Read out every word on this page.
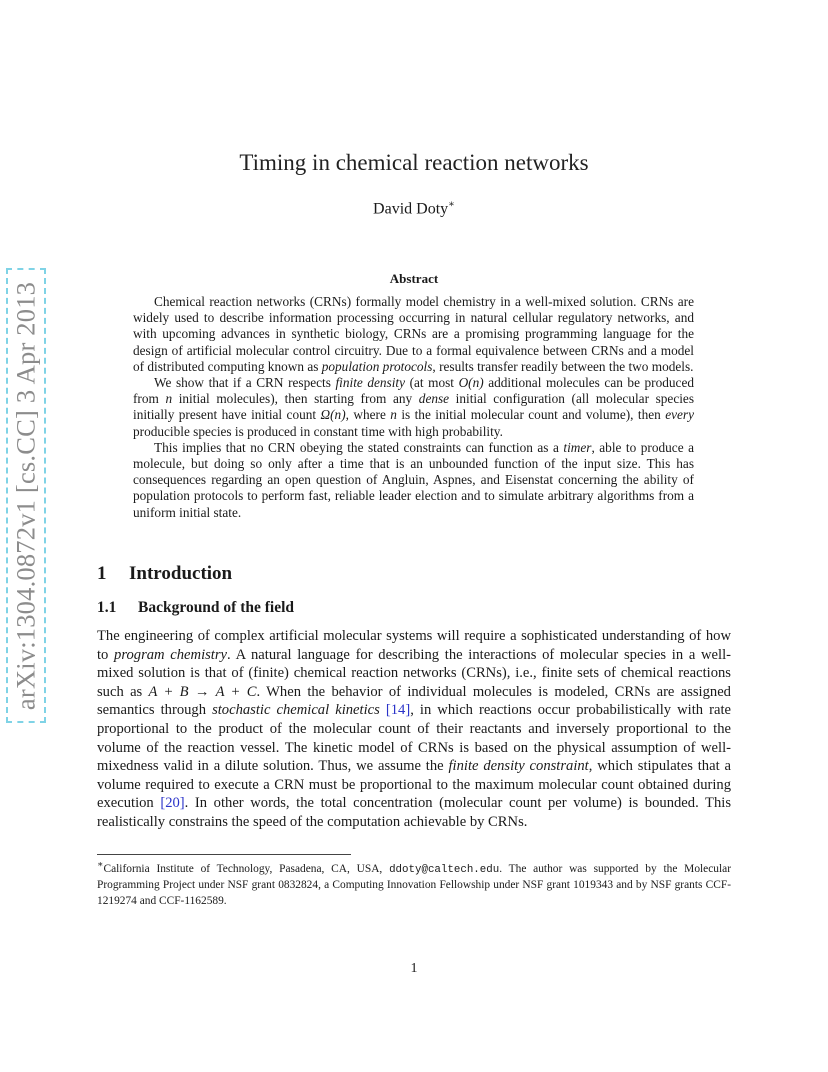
arXiv:1304.0872v1 [cs.CC] 3 Apr 2013
Timing in chemical reaction networks
David Doty∗
Abstract

Chemical reaction networks (CRNs) formally model chemistry in a well-mixed solution. CRNs are widely used to describe information processing occurring in natural cellular regulatory networks, and with upcoming advances in synthetic biology, CRNs are a promising programming language for the design of artificial molecular control circuitry. Due to a formal equivalence between CRNs and a model of distributed computing known as population protocols, results transfer readily between the two models.

We show that if a CRN respects finite density (at most O(n) additional molecules can be produced from n initial molecules), then starting from any dense initial configuration (all molecular species initially present have initial count Ω(n), where n is the initial molecular count and volume), then every producible species is produced in constant time with high probability.

This implies that no CRN obeying the stated constraints can function as a timer, able to produce a molecule, but doing so only after a time that is an unbounded function of the input size. This has consequences regarding an open question of Angluin, Aspnes, and Eisenstat concerning the ability of population protocols to perform fast, reliable leader election and to simulate arbitrary algorithms from a uniform initial state.

1 Introduction
1.1 Background of the field

The engineering of complex artificial molecular systems will require a sophisticated understanding of how to program chemistry. A natural language for describing the interactions of molecular species in a well-mixed solution is that of (finite) chemical reaction networks (CRNs), i.e., finite sets of chemical reactions such as A + B → A + C. When the behavior of individual molecules is modeled, CRNs are assigned semantics through stochastic chemical kinetics [14], in which reactions occur probabilistically with rate proportional to the product of the molecular count of their reactants and inversely proportional to the volume of the reaction vessel. The kinetic model of CRNs is based on the physical assumption of well-mixedness valid in a dilute solution. Thus, we assume the finite density constraint, which stipulates that a volume required to execute a CRN must be proportional to the maximum molecular count obtained during execution [20]. In other words, the total concentration (molecular count per volume) is bounded. This realistically constrains the speed of the computation achievable by CRNs.

∗California Institute of Technology, Pasadena, CA, USA, ddoty@caltech.edu. The author was supported by the Molecular Programming Project under NSF grant 0832824, a Computing Innovation Fellowship under NSF grant 1019343 and by NSF grants CCF-1219274 and CCF-1162589.

1
